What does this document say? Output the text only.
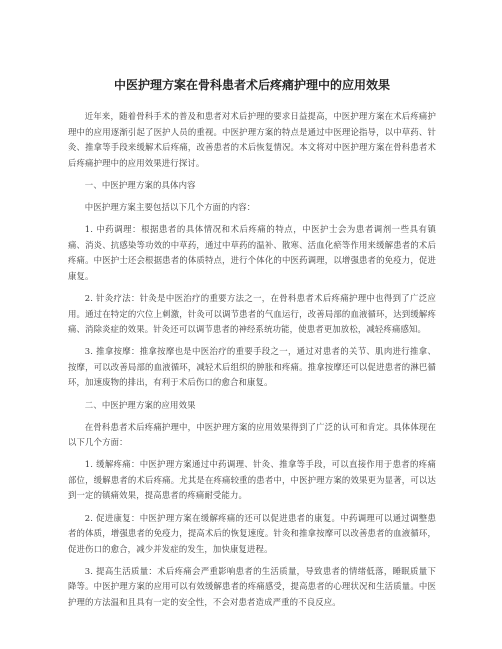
中医护理方案在骨科患者术后疼痛护理中的应用效果

近年来，随着骨科手术的普及和患者对术后护理的要求日益提高，中医护理方案在术后疼痛护理中的应用逐渐引起了医护人员的重视。中医护理方案的特点是通过中医理论指导，以中草药、针灸、推拿等手段来缓解术后疼痛，改善患者的术后恢复情况。本文将对中医护理方案在骨科患者术后疼痛护理中的应用效果进行探讨。

一、中医护理方案的具体内容

中医护理方案主要包括以下几个方面的内容：

1. 中药调理：根据患者的具体情况和术后疼痛的特点，中医护士会为患者调剂一些具有镇痛、消炎、抗感染等功效的中草药，通过中草药的温补、散寒、活血化瘀等作用来缓解患者的术后疼痛。中医护士还会根据患者的体质特点，进行个体化的中医药调理，以增强患者的免疫力，促进康复。

2. 针灸疗法：针灸是中医治疗的重要方法之一，在骨科患者术后疼痛护理中也得到了广泛应用。通过在特定的穴位上刺激，针灸可以调节患者的气血运行，改善局部的血液循环，达到缓解疼痛、消除炎症的效果。针灸还可以调节患者的神经系统功能，使患者更加放松，减轻疼痛感知。

3. 推拿按摩：推拿按摩也是中医治疗的重要手段之一，通过对患者的关节、肌肉进行推拿、按摩，可以改善局部的血液循环，减轻术后组织的肿胀和疼痛。推拿按摩还可以促进患者的淋巴循环，加速废物的排出，有利于术后伤口的愈合和康复。

二、中医护理方案的应用效果

在骨科患者术后疼痛护理中，中医护理方案的应用效果得到了广泛的认可和肯定。具体体现在以下几个方面：

1. 缓解疼痛：中医护理方案通过中药调理、针灸、推拿等手段，可以直接作用于患者的疼痛部位，缓解患者的术后疼痛。尤其是在疼痛较重的患者中，中医护理方案的效果更为显著，可以达到一定的镇痛效果，提高患者的疼痛耐受能力。

2. 促进康复：中医护理方案在缓解疼痛的还可以促进患者的康复。中药调理可以通过调整患者的体质，增强患者的免疫力，提高术后的恢复速度。针灸和推拿按摩可以改善患者的血液循环，促进伤口的愈合，减少并发症的发生，加快康复进程。

3. 提高生活质量：术后疼痛会严重影响患者的生活质量，导致患者的情绪低落，睡眠质量下降等。中医护理方案的应用可以有效缓解患者的疼痛感受，提高患者的心理状况和生活质量。中医护理的方法温和且具有一定的安全性，不会对患者造成严重的不良反应。
